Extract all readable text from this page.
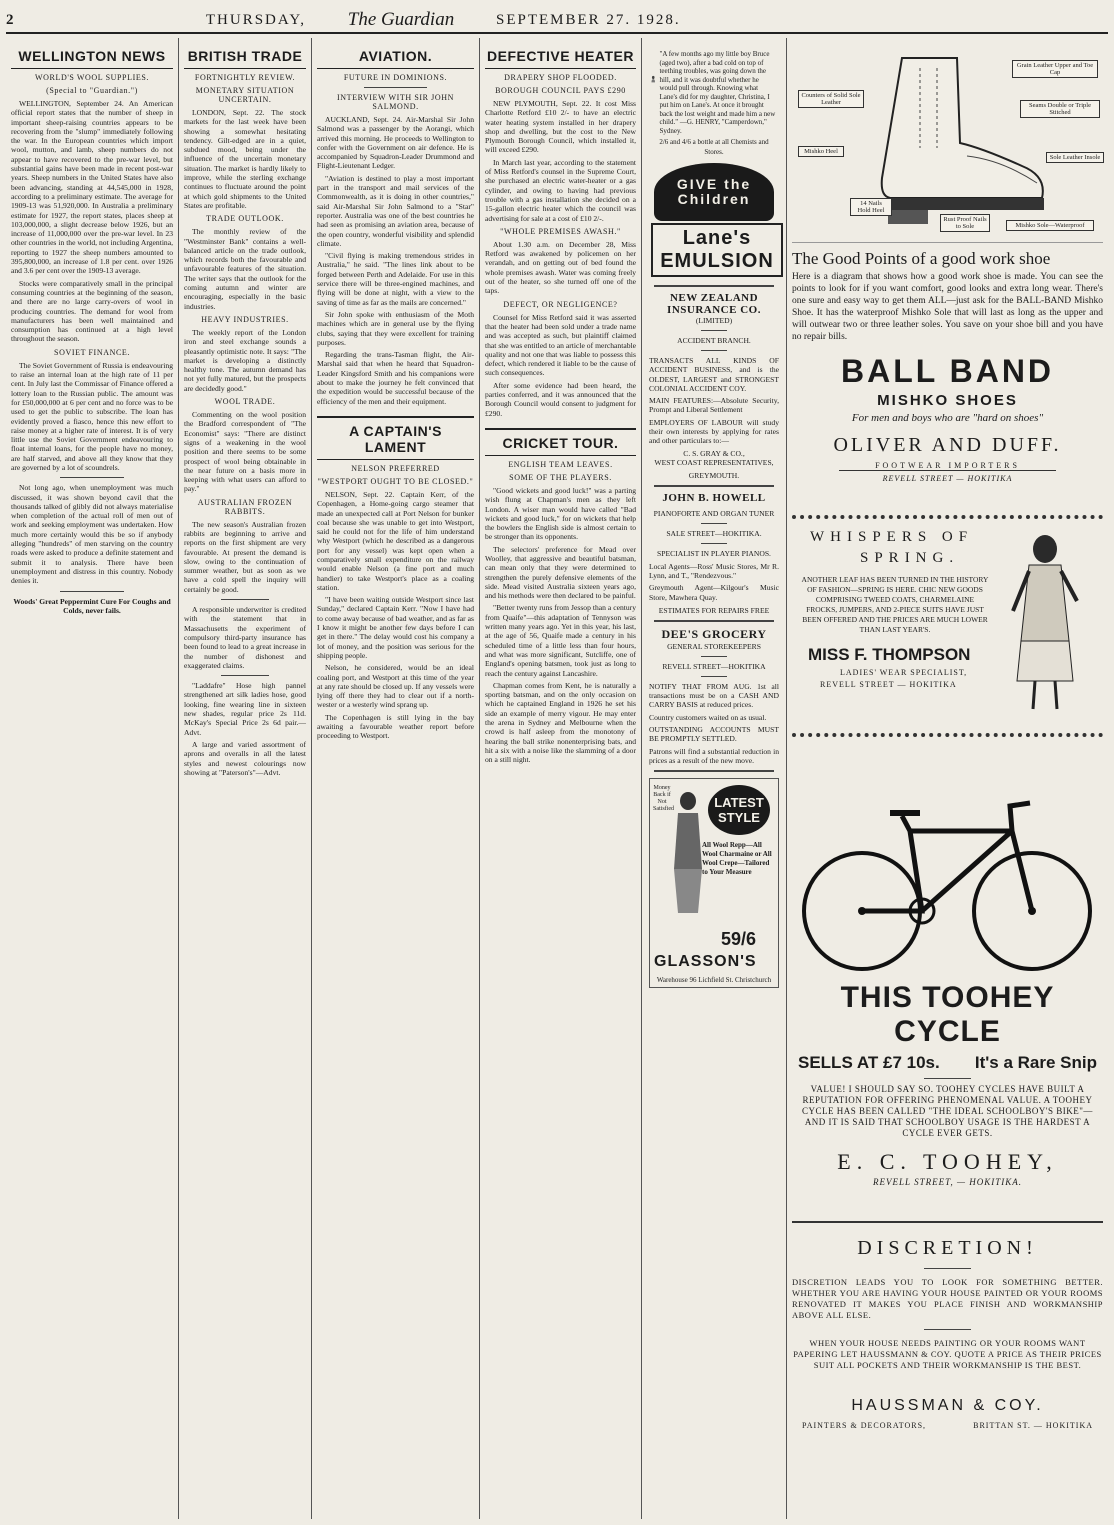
2	THURSDAY,	The Guardian	SEPTEMBER 27. 1928.
WELLINGTON NEWS
WORLD'S WOOL SUPPLIES.
(Special to "Guardian.")

WELLINGTON, September 24. An American official report states that the number of sheep in important sheep-raising countries appears to be recovering from the "slump" immediately following the war. In the European countries which import wool, mutton, and lamb, sheep numbers do not appear to have recovered to the pre-war level, but substantial gains have been made in recent post-war years. Sheep numbers in the United States have also been advancing, standing at 44,545,000 in 1928, according to a preliminary estimate. The average for 1909-13 was 51,920,000. In Australia a preliminary estimate for 1927, the report states, places sheep at 103,000,000, a slight decrease below 1926, but an increase of 11,000,000 over the pre-war level. In 23 other countries in the world, not including Argentina, reporting to 1927 the sheep numbers amounted to 395,800,000, an increase of 1.8 per cent. over 1926 and 3.6 per cent over the 1909-13 average.

Stocks were comparatively small in the principal consuming countries at the beginning of the season, and there are no large carry-overs of wool in producing countries. The demand for wool from manufacturers has been well maintained and consumption has continued at a high level throughout the season.

SOVIET FINANCE.

The Soviet Government of Russia is endeavouring to raise an internal loan at the high rate of 11 per cent. In July last the Commissar of Finance offered a lottery loan to the Russian public. The amount was for £50,000,000 at 6 per cent and no force was to be used to get the public to subscribe. The loan has evidently proved a fiasco, hence this new effort to raise money at a higher rate of interest. It is of very little use the Soviet Government endeavouring to float internal loans, for the people have no money, are half starved, and above all they know that they are governed by a lot of scoundrels.

Not long ago, when unemployment was much discussed, it was shown beyond cavil that the thousands talked of glibly did not always materialise when completion of the actual roll of men out of work and seeking employment was undertaken. How much more certainly would this be so if anybody alleging "hundreds" of men starving on the country roads were asked to produce a definite statement and submit it to analysis. There have been unemployment and distress in this country. Nobody denies it.

Woods' Great Peppermint Cure For Coughs and Colds, never fails.
BRITISH TRADE
FORTNIGHTLY REVIEW.
MONETARY SITUATION UNCERTAIN.

LONDON, Sept. 22. The stock markets for the last week have been showing a somewhat hesitating tendency. Gilt-edged are in a quiet, subdued mood, being under the influence of the uncertain monetary situation. The market is hardly likely to improve, while the sterling exchange continues to fluctuate around the point at which gold shipments to the United States are profitable.

TRADE OUTLOOK.

The monthly review of the "Westminster Bank" contains a well-balanced article on the trade outlook, which records both the favourable and unfavourable features of the situation. The writer says that the outlook for the coming autumn and winter are encouraging, especially in the basic industries.

HEAVY INDUSTRIES.

The weekly report of the London iron and steel exchange sounds a pleasantly optimistic note. It says: "The market is developing a distinctly healthy tone. The autumn demand has not yet fully matured, but the prospects are decidedly good."

WOOL TRADE.

Commenting on the wool position the Bradford correspondent of "The Economist" says: "There are distinct signs of a weakening in the wool position and there seems to be some prospect of wool being obtainable in the near future on a basis more in keeping with what users can afford to pay."

AUSTRALIAN FROZEN RABBITS.

The new season's Australian frozen rabbits are beginning to arrive and reports on the first shipment are very favourable. At present the demand is slow, owing to the continuation of summer weather, but as soon as we have a cold spell the inquiry will certainly be good.

A responsible underwriter is credited with the statement that in Massachusetts the experiment of compulsory third-party insurance has been found to lead to a great increase in the number of dishonest and exaggerated claims.

"Laddafre" Hose high pannel strengthened art silk ladies hose, good looking, fine wearing line in sixteen new shades, regular price 2s 11d. McKay's Special Price 2s 6d pair.—Advt.

A large and varied assortment of aprons and overalls in all the latest styles and newest colourings now showing at "Paterson's"—Advt.

AVIATION.
FUTURE IN DOMINIONS.
INTERVIEW WITH SIR JOHN SALMOND.

AUCKLAND, Sept. 24. Air-Marshal Sir John Salmond was a passenger by the Aorangi, which arrived this morning. He proceeds to Wellington to confer with the Government on air defence. He is accompanied by Squadron-Leader Drummond and Flight-Lieutenant Ledger.

"Aviation is destined to play a most important part in the transport and mail services of the Commonwealth, as it is doing in other countries," said Air-Marshal Sir John Salmond to a "Star" reporter. Australia was one of the best countries he had seen as promising an aviation area, because of the open country, wonderful visibility and splendid climate.

"Civil flying is making tremendous strides in Australia," he said. "The lines link about to be forged between Perth and Adelaide. For use in this service there will be three-engined machines, and flying will be done at night, with a view to the saving of time as far as the mails are concerned."

Sir John spoke with enthusiasm of the Moth machines which are in general use by the flying clubs, saying that they were excellent for training purposes.

Regarding the trans-Tasman flight, the Air-Marshal said that when he heard that Squadron-Leader Kingsford Smith and his companions were about to make the journey he felt convinced that the expedition would be successful because of the efficiency of the men and their equipment.

A CAPTAIN'S LAMENT
NELSON PREFERRED
"WESTPORT OUGHT TO BE CLOSED."

NELSON, Sept. 22. Captain Kerr, of the Copenhagen, a Home-going cargo steamer that made an unexpected call at Port Nelson for bunker coal because she was unable to get into Westport, said he could not for the life of him understand why Westport (which he described as a dangerous port for any vessel) was kept open when a comparatively small expenditure on the railway would enable Nelson (a fine port and much handier) to take Westport's place as a coaling station.

"I have been waiting outside Westport since last Sunday," declared Captain Kerr. "Now I have had to come away because of bad weather, and as far as I know it might be another few days before I can get in there." The delay would cost his company a lot of money, and the position was serious for the shipping people.

Nelson, he considered, would be an ideal coaling port, and Westport at this time of the year at any rate should be closed up. If any vessels were lying off there they had to clear out if a north-wester or a westerly wind sprang up.

The Copenhagen is still lying in the bay awaiting a favourable weather report before proceeding to Westport.

DEFECTIVE HEATER
DRAPERY SHOP FLOODED.
BOROUGH COUNCIL PAYS £290

NEW PLYMOUTH, Sept. 22. It cost Miss Charlotte Retford £10 2/- to have an electric water heating system installed in her drapery shop and dwelling, but the cost to the New Plymouth Borough Council, which installed it, will exceed £290.

In March last year, according to the statement of Miss Retford's counsel in the Supreme Court, she purchased an electric water-heater or a gas cylinder, and owing to having had previous trouble with a gas installation she decided on a 15-gallon electric heater which the council was advertising for sale at a cost of £10 2/-.

"WHOLE PREMISES AWASH."

About 1.30 a.m. on December 28, Miss Retford was awakened by policemen on her verandah, and on getting out of bed found the whole premises awash. Water was coming freely out of the heater, so she turned off one of the taps.

DEFECT, OR NEGLIGENCE?

Counsel for Miss Retford said it was asserted that the heater had been sold under a trade name and was accepted as such, but plaintiff claimed that she was entitled to an article of merchantable quality and not one that was liable to possess this defect, which rendered it liable to be the cause of such consequences.

After some evidence had been heard, the parties conferred, and it was announced that the Borough Council would consent to judgment for £290.

CRICKET TOUR.
ENGLISH TEAM LEAVES.
SOME OF THE PLAYERS.

"Good wickets and good luck!" was a parting wish flung at Chapman's men as they left London. A wiser man would have called "Bad wickets and good luck," for on wickets that help the bowlers the English side is almost certain to be stronger than its opponents.

The selectors' preference for Mead over Woolley, that aggressive and beautiful batsman, can mean only that they were determined to strengthen the purely defensive elements of the side. Mead visited Australia sixteen years ago, and his methods were then declared to be painful.

"Better twenty runs from Jessop than a century from Quaife"—this adaptation of Tennyson was written many years ago. Yet in this year, his last, at the age of 56, Quaife made a century in his scheduled time of a little less than four hours, and what was more significant, Sutcliffe, one of England's opening batsmen, took just as long to reach the century against Lancashire.

Chapman comes from Kent, he is naturally a sporting batsman, and on the only occasion on which he captained England in 1926 he set his side an example of merry vigour. He may enter the arena in Sydney and Melbourne when the crowd is half asleep from the monotony of hearing the ball strike nonenterprising bats, and hit a six with a noise like the slamming of a door on a still night.

"A few months ago my little boy Bruce (aged two), after a bad cold on top of teething troubles, was going down the hill, and it was doubtful whether he would pull through. Knowing what Lane's did for my daughter, Christina, I put him on Lane's. At once it brought back the lost weight and made him a new child." —G. HENRY, "Camperdown," Sydney.
2/6 and 4/6 a bottle at all Chemists and Stores.
GIVE the Children
Lane's EMULSION
NEW ZEALAND INSURANCE CO.
(LIMITED)
ACCIDENT BRANCH.

TRANSACTS ALL KINDS OF ACCIDENT BUSINESS, and is the OLDEST, LARGEST and STRONGEST COLONIAL ACCIDENT COY.

MAIN FEATURES:—Absolute Security, Prompt and Liberal Settlement

EMPLOYERS OF LABOUR will study their own interests by applying for rates and other particulars to:—

C. S. GRAY & CO.,
WEST COAST REPRESENTATIVES,
GREYMOUTH.
JOHN B. HOWELL
PIANOFORTE AND ORGAN TUNER
SALE STREET—HOKITIKA.
SPECIALIST IN PLAYER PIANOS.

Local Agents—Ross' Music Stores, Mr R. Lynn, and T., "Rendezvous."

Greymouth Agent—Kilgour's Music Store, Mawhera Quay.

ESTIMATES FOR REPAIRS FREE
DEE'S GROCERY
GENERAL STOREKEEPERS
REVELL STREET—HOKITIKA

NOTIFY THAT FROM AUG. 1st all transactions must be on a CASH AND CARRY BASIS at reduced prices.

Country customers waited on as usual.

OUTSTANDING ACCOUNTS MUST BE PROMPTLY SETTLED.

Patrons will find a substantial reduction in prices as a result of the new move.

Money Back if Not Satisfied	LATEST STYLE
All Wool Repp—All Wool Charmaine or All Wool Crepe—Tailored to Your Measure
59/6
GLASSON'S
Warehouse 96 Lichfield St. Christchurch
Grain Leather Upper and Toe Cap
Counters of Solid Sole Leather	Seams Double or Triple Stitched
Mishko Heel
Sole Leather Insole
14 Nails Hold Heel
Rust Proof Nails to Sole	Mishko Sole—Waterproof
The Good Points of a good work shoe
Here is a diagram that shows how a good work shoe is made. You can see the points to look for if you want comfort, good looks and extra long wear. There's one sure and easy way to get them ALL—just ask for the BALL-BAND Mishko Shoe. It has the waterproof Mishko Sole that will last as long as the upper and will outwear two or three leather soles. You save on your shoe bill and you have no repair bills.
BALL BAND
MISHKO SHOES
For men and boys who are "hard on shoes"
OLIVER AND DUFF.
FOOTWEAR IMPORTERS
REVELL STREET — HOKITIKA
WHISPERS OF
SPRING.
ANOTHER LEAF HAS BEEN TURNED IN THE HISTORY OF FASHION—SPRING IS HERE. CHIC NEW GOODS COMPRISING TWEED COATS, CHARMELAINE FROCKS, JUMPERS, AND 2-PIECE SUITS HAVE JUST BEEN OFFERED AND THE PRICES ARE MUCH LOWER THAN LAST YEAR'S.
MISS F. THOMPSON
LADIES' WEAR SPECIALIST,
REVELL STREET — HOKITIKA
THIS TOOHEY CYCLE
SELLS AT £7 10s. It's a Rare Snip
VALUE! I SHOULD SAY SO. TOOHEY CYCLES HAVE BUILT A REPUTATION FOR OFFERING PHENOMENAL VALUE. A TOOHEY CYCLE HAS BEEN CALLED "THE IDEAL SCHOOLBOY'S BIKE"—AND IT IS SAID THAT SCHOOLBOY USAGE IS THE HARDEST A CYCLE EVER GETS.
E. C. TOOHEY,
REVELL STREET, — HOKITIKA.
DISCRETION!
DISCRETION LEADS YOU TO LOOK FOR SOMETHING BETTER. WHETHER YOU ARE HAVING YOUR HOUSE PAINTED OR YOUR ROOMS RENOVATED IT MAKES YOU PLACE FINISH AND WORKMANSHIP ABOVE ALL ELSE.
WHEN YOUR HOUSE NEEDS PAINTING OR YOUR ROOMS WANT PAPERING LET HAUSSMANN & COY. QUOTE A PRICE AS THEIR PRICES SUIT ALL POCKETS AND THEIR WORKMANSHIP IS THE BEST.
HAUSSMAN & COY.
PAINTERS & DECORATORS,	BRITTAN ST. — HOKITIKA
